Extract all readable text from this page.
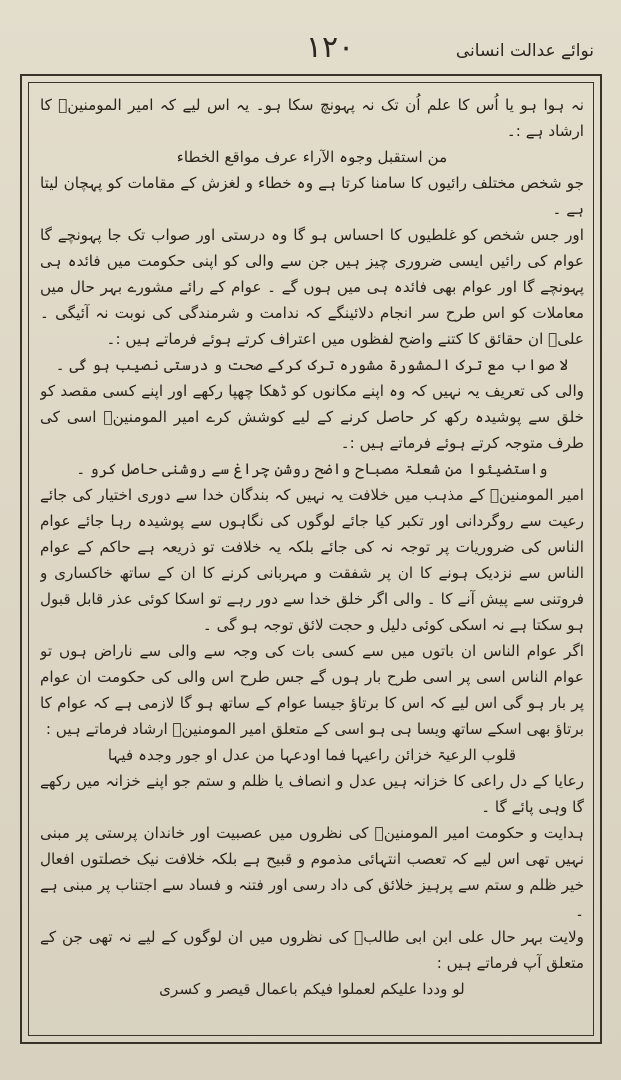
١٢٠	نوائے عدالت انسانی

نہ ہوا ہو یا اُس کا علم اُن تک نہ پہونچ سکا ہو۔ یہ اس لیے کہ امیر المومنینؑ کا ارشاد ہے :۔

من استقبل وجوہ الآراء عرف مواقع الخطاء

جو شخص مختلف رائیوں کا سامنا کرتا ہے وہ خطاء و لغزش کے مقامات کو پہچان لیتا ہے ۔

اور جس شخص کو غلطیوں کا احساس ہو گا وہ درستی اور صواب تک جا پہونچے گا عوام کی رائیں ایسی ضروری چیز ہیں جن سے والی کو اپنی حکومت میں فائدہ ہی پہونچے گا اور عوام بھی فائدہ ہی میں ہوں گے ۔ عوام کے رائے مشورے بہر حال میں معاملات کو اس طرح سر انجام دلائینگے کہ ندامت و شرمندگی کی نوبت نہ آئیگی ۔ علیؑ ان حقائق کا کتنے واضح لفظوں میں اعتراف کرتے ہوئے فرماتے ہیں :۔

لا صواب مع ترک المشورة مشورہ ترک کرکے صحت و درستی نصیب ہو گی ۔

والی کی تعریف یہ نہیں کہ وہ اپنے مکانوں کو ڈھکا چھپا رکھے اور اپنے کسی مقصد کو خلق سے پوشیدہ رکھ کر حاصل کرنے کے لیے کوشش کرے امیر المومنینؑ اسی کی طرف متوجہ کرتے ہوئے فرماتے ہیں :۔

واستضیئوا من شعلۃ مصباح واضح روشن چراغ سے روشنی حاصل کرو ۔

امیر المومنینؑ کے مذہب میں خلافت یہ نہیں کہ بندگان خدا سے دوری اختیار کی جائے رعیت سے روگردانی اور تکبر کیا جائے لوگوں کی نگاہوں سے پوشیدہ رہا جائے عوام الناس کی ضروریات پر توجہ نہ کی جائے بلکہ یہ خلافت تو ذریعہ ہے حاکم کے عوام الناس سے نزدیک ہونے کا ان پر شفقت و مہربانی کرنے کا ان کے ساتھ خاکساری و فروتنی سے پیش آنے کا ۔ والی اگر خلق خدا سے دور رہے تو اسکا کوئی عذر قابل قبول ہو سکتا ہے نہ اسکی کوئی دلیل و حجت لائق توجہ ہو گی ۔

اگر عوام الناس ان باتوں میں سے کسی بات کی وجہ سے والی سے ناراض ہوں تو عوام الناس اسی پر اسی طرح بار ہوں گے جس طرح اس والی کی حکومت ان عوام پر بار ہو گی اس لیے کہ اس کا برتاؤ جیسا عوام کے ساتھ ہو گا لازمی ہے کہ عوام کا برتاؤ بھی اسکے ساتھ ویسا ہی ہو اسی کے متعلق امیر المومنینؑ ارشاد فرماتے ہیں :

قلوب الرعیۃ خزائن راعیہا فما اودعہا من عدل او جور وجدہ فیہا

رعایا کے دل راعی کا خزانہ ہیں عدل و انصاف یا ظلم و ستم جو اپنے خزانہ میں رکھے گا وہی پائے گا ۔

ہدایت و حکومت امیر المومنینؑ کی نظروں میں عصبیت اور خاندان پرستی پر مبنی نہیں تھی اس لیے کہ تعصب انتہائی مذموم و قبیح ہے بلکہ خلافت نیک خصلتوں افعال خیر ظلم و ستم سے پرہیز خلائق کی داد رسی اور فتنہ و فساد سے اجتناب پر مبنی ہے ۔

ولایت بہر حال علی ابن ابی طالبؑ کی نظروں میں ان لوگوں کے لیے نہ تھی جن کے متعلق آپ فرماتے ہیں :

لو وددا علیکم لعملوا فیکم باعمال قیصر و کسری
